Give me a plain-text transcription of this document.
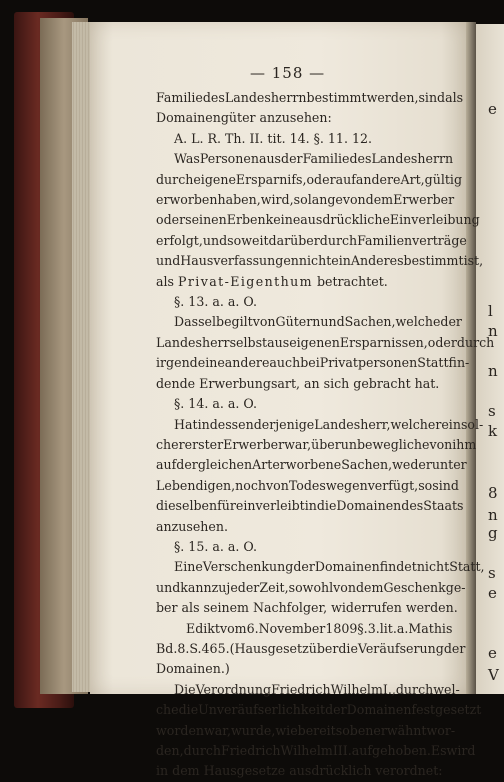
e
l
n
n
s
k
8
n
g
s
e
e
V
— 158 —
Familie des Landesherrn bestimmt werden, sind als
Domainengüter anzusehen:
A. L. R. Th. II. tit. 14. §. 11. 12.
Was Personen aus der Familie des Landesherrn
durch eigene Ersparnifs, oder auf andere Art, gültig
erworben haben, wird, so lange von dem Erwerber
oder seinen Erben keine ausdrückliche Einverleibung
erfolgt, und so weit darüber durch Familienverträge
und Hausverfassungen nicht ein Anderes bestimmt ist,
als Privat-Eigenthum betrachtet.
§. 13. a. a. O.
Dasselbe gilt von Gütern und Sachen, welche der
Landesherr selbst aus eigenen Ersparnissen, oder durch
irgend eine andere auch bei Privatpersonen Statt fin-
dende Erwerbungsart, an sich gebracht hat.
§. 14. a. a. O.
Hat indessen derjenige Landesherr, welcher ein sol-
cher erster Erwerber war, über unbewegliche von ihm
auf dergleichen Art erworbene Sachen, weder unter
Lebendigen, noch von Todeswegen verfügt, so sind
dieselben für einverleibt in die Domainen des Staats
anzusehen.
§. 15. a. a. O.
Eine Verschenkung der Domainen findet nicht Statt,
und kann zu jeder Zeit, sowohl von dem Geschenkge-
ber als seinem Nachfolger, widerrufen werden.
Edikt vom 6. November 1809 §. 3. lit. a. Mathis
Bd. 8. S. 465. (Hausgesetz über die Veräufserung der
Domainen.)
Die Verordnung Friedrich Wilhelm I., durch wel-
che die Unveräufserlichkeit der Domainen festgesetzt
worden war, wurde, wie bereits oben erwähnt wor-
den, durch Friedrich Wilhelm III. aufgehoben. Es wird
in dem Hausgesetze ausdrücklich verordnet:
